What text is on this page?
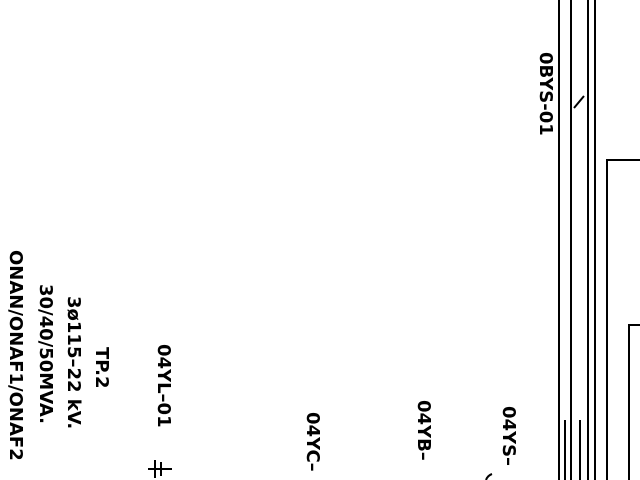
0BYS-01
TP.2
3ø115–22 kV.
30/40/50MVA.
ONAN/ONAF1/ONAF2	04YL–01
04YC–	04YB–	04YS–
